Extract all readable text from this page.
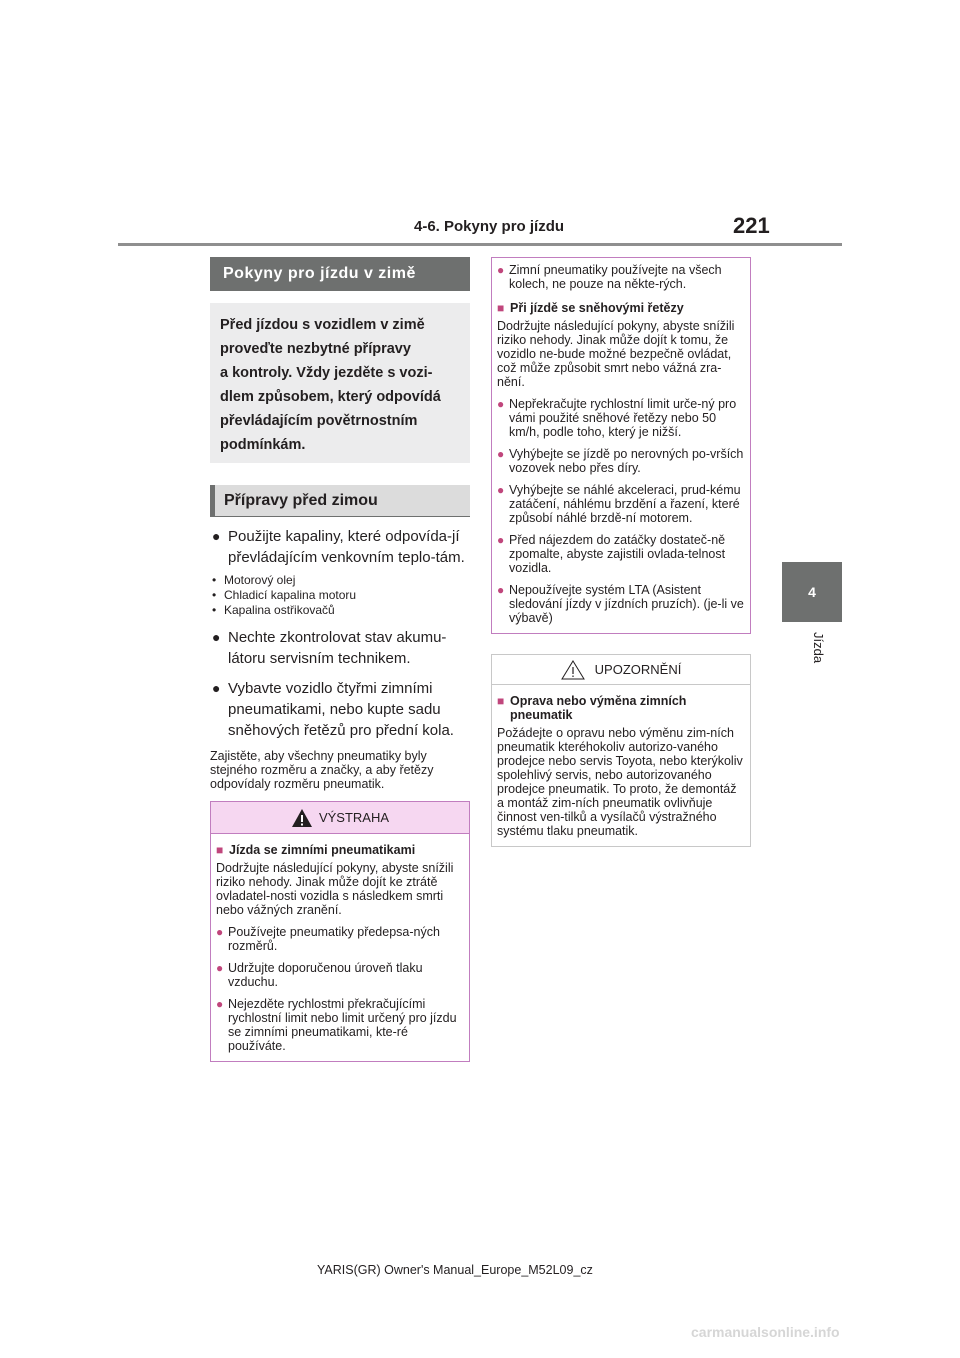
4-6. Pokyny pro jízdu	221
4
Jízda
Pokyny pro jízdu v zimě

Před jízdou s vozidlem v zimě

proveďte nezbytné přípravy

a kontroly. Vždy jezděte s vozi-

dlem způsobem, který odpovídá

převládajícím povětrnostním

podmínkám.

Přípravy před zimou
● Použijte kapaliny, které odpovída-jí převládajícím venkovním teplo-tám.
• Motorový olej
• Chladicí kapalina motoru
• Kapalina ostřikovačů
● Nechte zkontrolovat stav akumu-látoru servisním technikem.
● Vybavte vozidlo čtyřmi zimními pneumatikami, nebo kupte sadu sněhových řetězů pro přední kola.
Zajistěte, aby všechny pneumatiky byly stejného rozměru a značky, a aby řetězy odpovídaly rozměru pneumatik.
VÝSTRAHA
■ Jízda se zimními pneumatikami
Dodržujte následující pokyny, abyste snížili riziko nehody. Jinak může dojít ke ztrátě ovladatel-nosti vozidla s následkem smrti nebo vážných zranění.
● Používejte pneumatiky předepsa-ných rozměrů.
● Udržujte doporučenou úroveň tlaku vzduchu.
● Nejezděte rychlostmi překračujícími rychlostní limit nebo limit určený pro jízdu se zimními pneumatikami, kte-ré používáte.
● Zimní pneumatiky používejte na všech kolech, ne pouze na někte-rých.
■ Při jízdě se sněhovými řetězy
Dodržujte následující pokyny, abyste snížili riziko nehody. Jinak může dojít k tomu, že vozidlo ne-bude možné bezpečně ovládat, což může způsobit smrt nebo vážná zra-nění.
● Nepřekračujte rychlostní limit urče-ný pro vámi použité sněhové řetězy nebo 50 km/h, podle toho, který je nižší.
● Vyhýbejte se jízdě po nerovných po-vrších vozovek nebo přes díry.
● Vyhýbejte se náhlé akceleraci, prud-kému zatáčení, náhlému brzdění a řazení, které způsobí náhlé brzdě-ní motorem.
● Před nájezdem do zatáčky dostateč-ně zpomalte, abyste zajistili ovlada-telnost vozidla.
● Nepoužívejte systém LTA (Asistent sledování jízdy v jízdních pruzích). (je-li ve výbavě)
UPOZORNĚNÍ
■ Oprava nebo výměna zimních pneumatik
Požádejte o opravu nebo výměnu zim-ních pneumatik kteréhokoliv autorizo-vaného prodejce nebo servis Toyota, nebo kterýkoliv spolehlivý servis, nebo autorizovaného prodejce pneumatik. To proto, že demontáž a montáž zim-ních pneumatik ovlivňuje činnost ven-tilků a vysílačů výstražného systému tlaku pneumatik.
YARIS(GR) Owner's Manual_Europe_M52L09_cz
carmanualsonline.info
